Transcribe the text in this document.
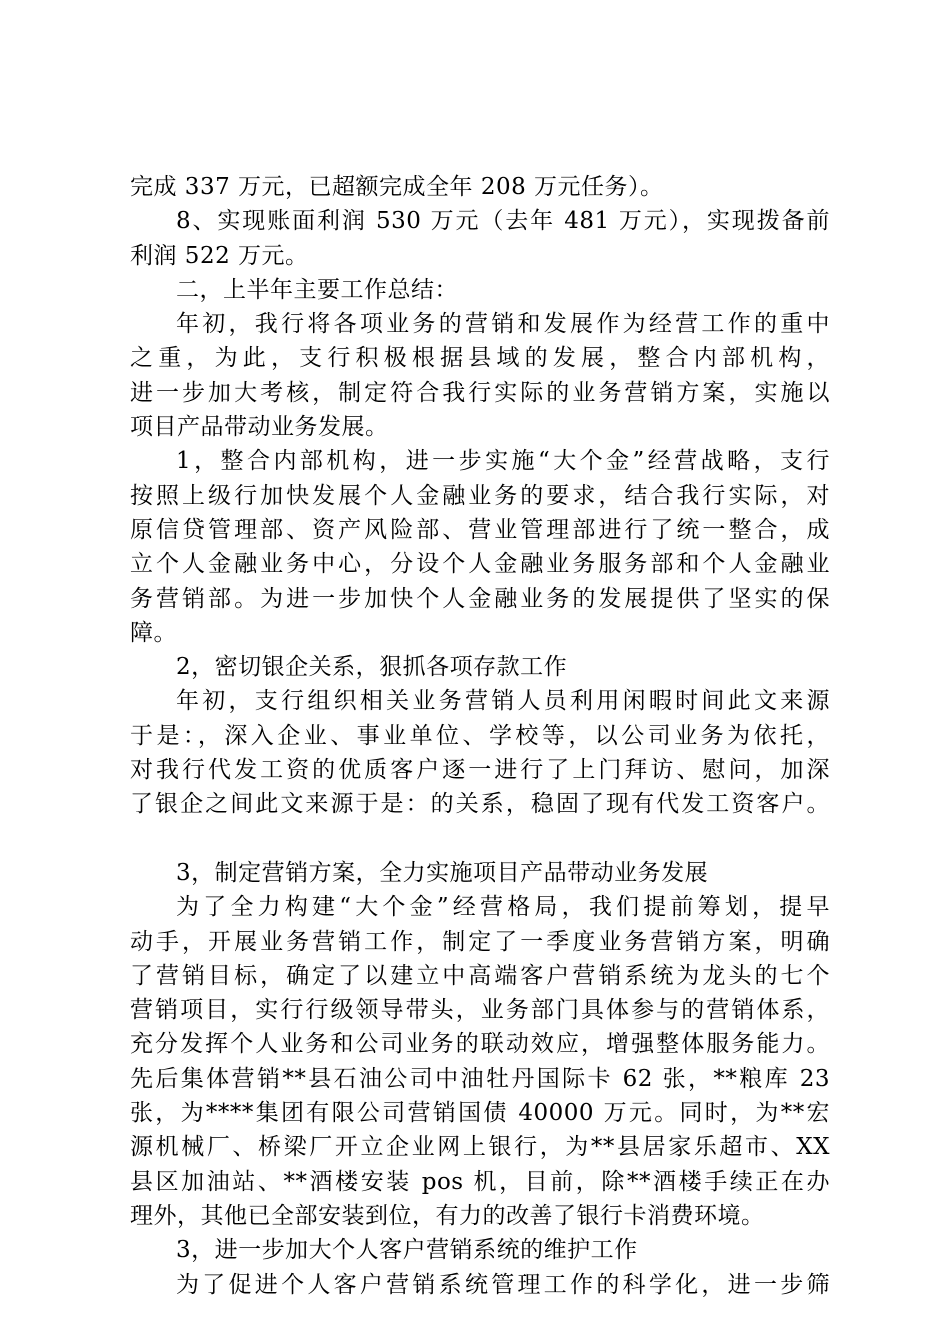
完成 337 万元，已超额完成全年 208 万元任务）。
8、实现账面利润 530 万元（去年 481 万元），实现拨备前
利润 522 万元。
二，上半年主要工作总结：
年初，我行将各项业务的营销和发展作为经营工作的重中
之重，为此，支行积极根据县域的发展，整合内部机构，
进一步加大考核，制定符合我行实际的业务营销方案，实施以
项目产品带动业务发展。
1，整合内部机构，进一步实施“大个金”经营战略，支行
按照上级行加快发展个人金融业务的要求，结合我行实际，对
原信贷管理部、资产风险部、营业管理部进行了统一整合，成
立个人金融业务中心，分设个人金融业务服务部和个人金融业
务营销部。为进一步加快个人金融业务的发展提供了坚实的保
障。
2，密切银企关系，狠抓各项存款工作
年初，支行组织相关业务营销人员利用闲暇时间此文来源
于是：，深入企业、事业单位、学校等，以公司业务为依托，
对我行代发工资的优质客户逐一进行了上门拜访、慰问，加深
了银企之间此文来源于是：的关系，稳固了现有代发工资客户。
3，制定营销方案，全力实施项目产品带动业务发展
为了全力构建“大个金”经营格局，我们提前筹划，提早
动手，开展业务营销工作，制定了一季度业务营销方案，明确
了营销目标，确定了以建立中高端客户营销系统为龙头的七个
营销项目，实行行级领导带头，业务部门具体参与的营销体系，
充分发挥个人业务和公司业务的联动效应，增强整体服务能力。
先后集体营销**县石油公司中油牡丹国际卡 62 张，**粮库 23
张，为****集团有限公司营销国债 40000 万元。同时，为**宏
源机械厂、桥梁厂开立企业网上银行，为**县居家乐超市、XX
县区加油站、**酒楼安装 pos 机，目前，除**酒楼手续正在办
理外，其他已全部安装到位，有力的改善了银行卡消费环境。
3，进一步加大个人客户营销系统的维护工作
为了促进个人客户营销系统管理工作的科学化，进一步筛
